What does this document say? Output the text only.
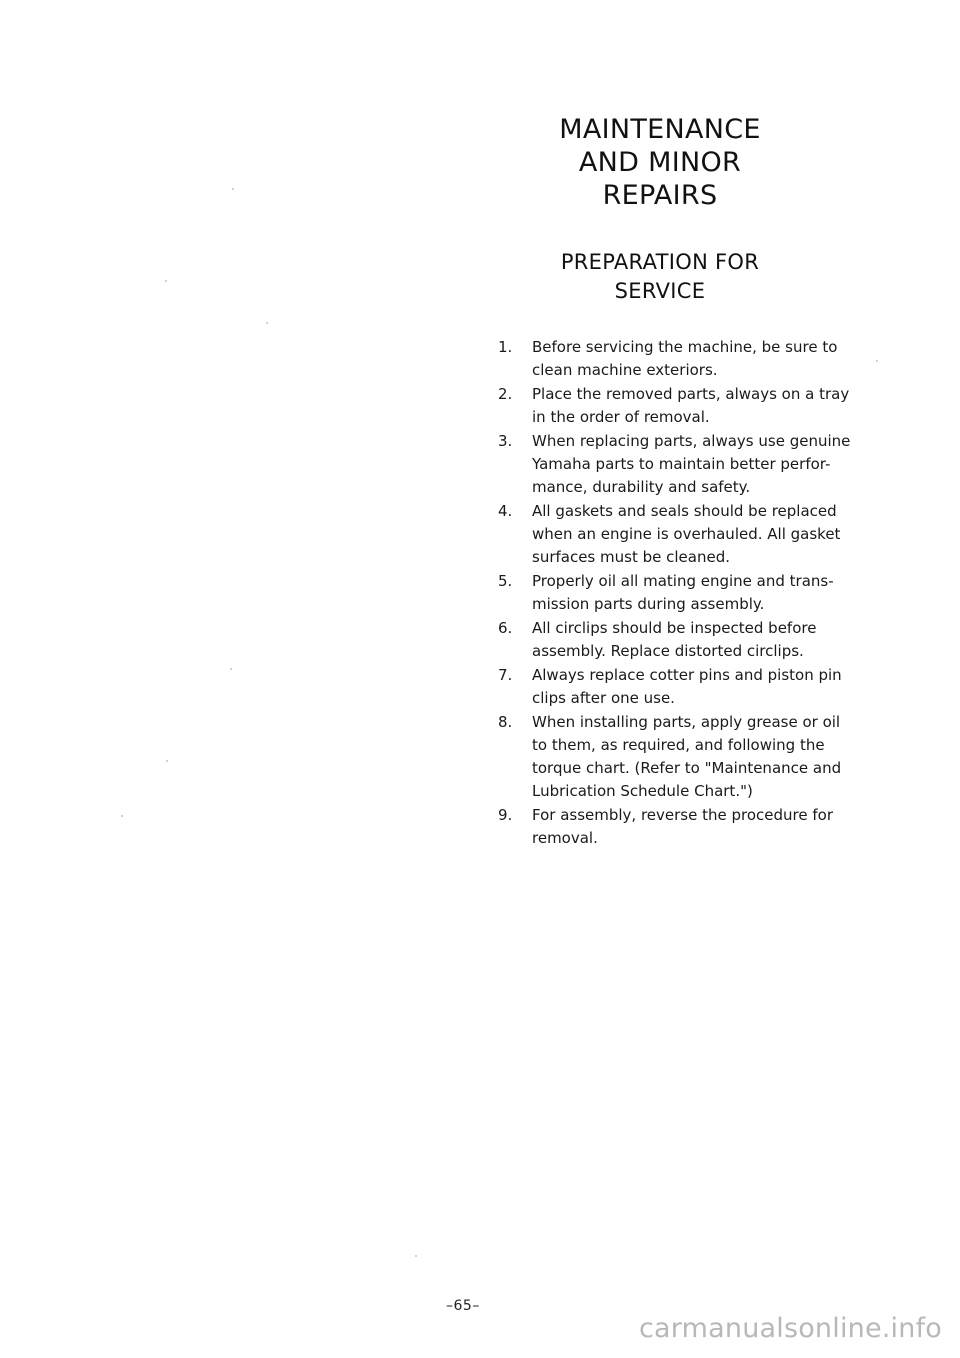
MAINTENANCE
AND MINOR
REPAIRS
PREPARATION FOR
SERVICE
1. Before servicing the machine, be sure to
clean machine exteriors.
2. Place the removed parts, always on a tray
in the order of removal.
3. When replacing parts, always use genuine
Yamaha parts to maintain better perfor-
mance, durability and safety.
4. All gaskets and seals should be replaced
when an engine is overhauled. All gasket
surfaces must be cleaned.
5. Properly oil all mating engine and trans-
mission parts during assembly.
6. All circlips should be inspected before
assembly. Replace distorted circlips.
7. Always replace cotter pins and piston pin
clips after one use.
8. When installing parts, apply grease or oil
to them, as required, and following the
torque chart. (Refer to "Maintenance and
Lubrication Schedule Chart.")
9. For assembly, reverse the procedure for
removal.
–65–
carmanualsonline.info
